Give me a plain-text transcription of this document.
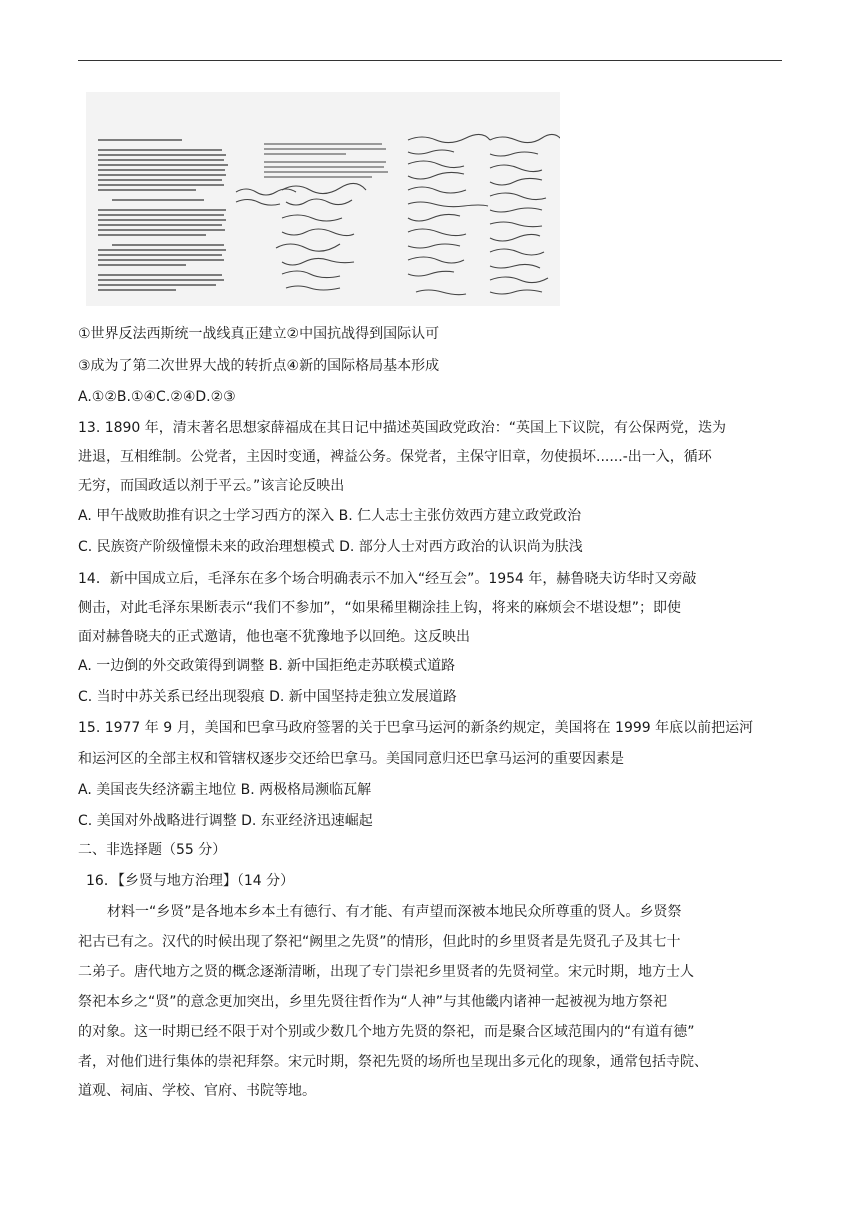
①世界反法西斯统一战线真正建立②中国抗战得到国际认可
③成为了第二次世界大战的转折点④新的国际格局基本形成
A.①②B.①④C.②④D.②③
13. 1890 年，清末著名思想家薛福成在其日记中描述英国政党政治：“英国上下议院，有公保两党，迭为
进退，互相维制。公党者，主因时变通，裨益公务。保党者，主保守旧章，勿使损坏......-出一入，循环
无穷，而国政适以剂于平云。”该言论反映出
A. 甲午战败助推有识之士学习西方的深入 B. 仁人志士主张仿效西方建立政党政治
C. 民族资产阶级憧憬未来的政治理想模式 D. 部分人士对西方政治的认识尚为肤浅
14．新中国成立后，毛泽东在多个场合明确表示不加入“经互会”。1954 年，赫鲁晓夫访华时又旁敲
侧击，对此毛泽东果断表示“我们不参加”，“如果稀里糊涂挂上钩，将来的麻烦会不堪设想”；即使
面对赫鲁晓夫的正式邀请，他也毫不犹豫地予以回绝。这反映出
A. 一边倒的外交政策得到调整 B. 新中国拒绝走苏联模式道路
C. 当时中苏关系已经出现裂痕 D. 新中国坚持走独立发展道路
15. 1977 年 9 月，美国和巴拿马政府签署的关于巴拿马运河的新条约规定，美国将在 1999 年底以前把运河
和运河区的全部主权和管辖权逐步交还给巴拿马。美国同意归还巴拿马运河的重要因素是
A. 美国丧失经济霸主地位 B. 两极格局濒临瓦解
C. 美国对外战略进行调整 D. 东亚经济迅速崛起
二、非选择题（55 分）
16．【乡贤与地方治理】（14 分）
材料一“乡贤”是各地本乡本土有德行、有才能、有声望而深被本地民众所尊重的贤人。乡贤祭
祀古已有之。汉代的时候出现了祭祀“阙里之先贤”的情形，但此时的乡里贤者是先贤孔子及其七十
二弟子。唐代地方之贤的概念逐渐清晰，出现了专门崇祀乡里贤者的先贤祠堂。宋元时期，地方士人
祭祀本乡之“贤”的意念更加突出，乡里先贤往哲作为“人神”与其他畿内诸神一起被视为地方祭祀
的对象。这一时期已经不限于对个别或少数几个地方先贤的祭祀，而是聚合区域范围内的“有道有德”
者，对他们进行集体的崇祀拜祭。宋元时期，祭祀先贤的场所也呈现出多元化的现象，通常包括寺院、
道观、祠庙、学校、官府、书院等地。
